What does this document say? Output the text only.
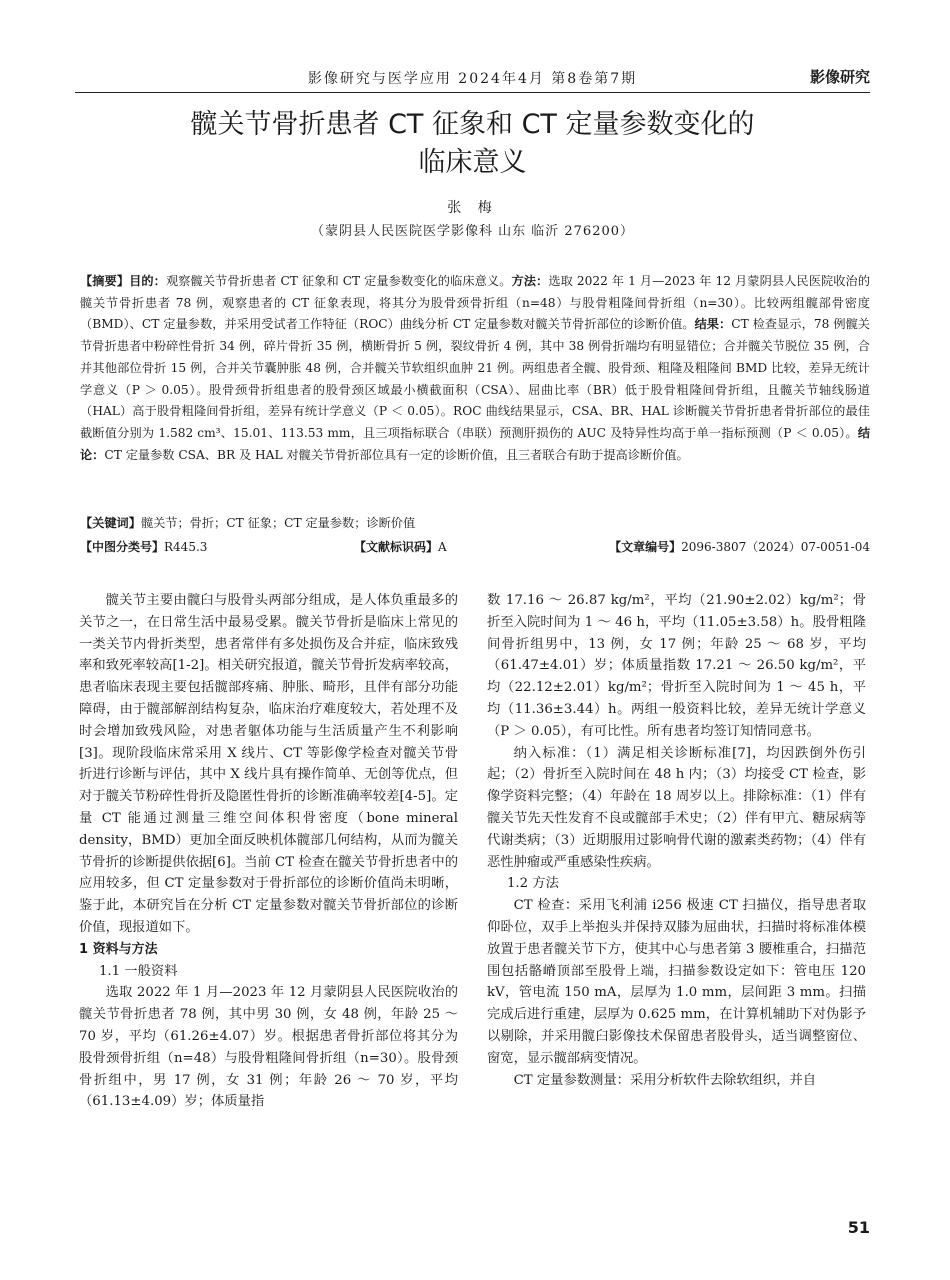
影像研究与医学应用 2024年4月 第8卷第7期	影像研究
髋关节骨折患者 CT 征象和 CT 定量参数变化的
临床意义
张 梅
（蒙阴县人民医院医学影像科 山东 临沂 276200）
【摘要】目的：观察髋关节骨折患者 CT 征象和 CT 定量参数变化的临床意义。方法：选取 2022 年 1 月—2023 年 12 月蒙阴县人民医院收治的髋关节骨折患者 78 例，观察患者的 CT 征象表现，将其分为股骨颈骨折组（n=48）与股骨粗隆间骨折组（n=30）。比较两组髋部骨密度（BMD）、CT 定量参数，并采用受试者工作特征（ROC）曲线分析 CT 定量参数对髋关节骨折部位的诊断价值。结果：CT 检查显示，78 例髋关节骨折患者中粉碎性骨折 34 例，碎片骨折 35 例，横断骨折 5 例，裂纹骨折 4 例，其中 38 例骨折端均有明显错位；合并髋关节脱位 35 例，合并其他部位骨折 15 例，合并关节囊肿胀 48 例，合并髋关节软组织血肿 21 例。两组患者全髋、股骨颈、粗隆及粗隆间 BMD 比较，差异无统计学意义（P ＞ 0.05）。股骨颈骨折组患者的股骨颈区域最小横截面积（CSA）、屈曲比率（BR）低于股骨粗隆间骨折组，且髋关节轴线肠道（HAL）高于股骨粗隆间骨折组，差异有统计学意义（P ＜ 0.05）。ROC 曲线结果显示，CSA、BR、HAL 诊断髋关节骨折患者骨折部位的最佳截断值分别为 1.582 cm³、15.01、113.53 mm，且三项指标联合（串联）预测肝损伤的 AUC 及特异性均高于单一指标预测（P ＜ 0.05）。结论：CT 定量参数 CSA、BR 及 HAL 对髋关节骨折部位具有一定的诊断价值，且三者联合有助于提高诊断价值。
【关键词】髋关节；骨折；CT 征象；CT 定量参数；诊断价值
【中图分类号】R445.3	【文献标识码】A	【文章编号】2096-3807（2024）07-0051-04

髋关节主要由髋臼与股骨头两部分组成，是人体负重最多的关节之一，在日常生活中最易受累。髋关节骨折是临床上常见的一类关节内骨折类型，患者常伴有多处损伤及合并症，临床致残率和致死率较高[1-2]。相关研究报道，髋关节骨折发病率较高，患者临床表现主要包括髋部疼痛、肿胀、畸形，且伴有部分功能障碍，由于髋部解剖结构复杂，临床治疗难度较大，若处理不及时会增加致残风险，对患者躯体功能与生活质量产生不利影响[3]。现阶段临床常采用 X 线片、CT 等影像学检查对髋关节骨折进行诊断与评估，其中 X 线片具有操作简单、无创等优点，但对于髋关节粉碎性骨折及隐匿性骨折的诊断准确率较差[4-5]。定量 CT 能通过测量三维空间体积骨密度（bone mineral density，BMD）更加全面反映机体髋部几何结构，从而为髋关节骨折的诊断提供依据[6]。当前 CT 检查在髋关节骨折患者中的应用较多，但 CT 定量参数对于骨折部位的诊断价值尚未明晰，鉴于此，本研究旨在分析 CT 定量参数对髋关节骨折部位的诊断价值，现报道如下。

1 资料与方法

1.1 一般资料

选取 2022 年 1 月—2023 年 12 月蒙阴县人民医院收治的髋关节骨折患者 78 例，其中男 30 例，女 48 例，年龄 25 ～ 70 岁，平均（61.26±4.07）岁。根据患者骨折部位将其分为股骨颈骨折组（n=48）与股骨粗隆间骨折组（n=30）。股骨颈骨折组中，男 17 例，女 31 例；年龄 26 ～ 70 岁，平均（61.13±4.09）岁；体质量指

数 17.16 ～ 26.87 kg/m²，平均（21.90±2.02）kg/m²；骨折至入院时间为 1 ～ 46 h，平均（11.05±3.58）h。股骨粗隆间骨折组男中，13 例，女 17 例；年龄 25 ～ 68 岁，平均（61.47±4.01）岁；体质量指数 17.21 ～ 26.50 kg/m²，平均（22.12±2.01）kg/m²；骨折至入院时间为 1 ～ 45 h，平均（11.36±3.44）h。两组一般资料比较，差异无统计学意义（P ＞ 0.05），有可比性。所有患者均签订知情同意书。

纳入标准：（1）满足相关诊断标准[7]，均因跌倒外伤引起；（2）骨折至入院时间在 48 h 内；（3）均接受 CT 检查，影像学资料完整；（4）年龄在 18 周岁以上。排除标准：（1）伴有髋关节先天性发育不良或髋部手术史；（2）伴有甲亢、糖尿病等代谢类病；（3）近期服用过影响骨代谢的激素类药物；（4）伴有恶性肿瘤或严重感染性疾病。

1.2 方法

CT 检查：采用飞利浦 i256 极速 CT 扫描仪，指导患者取仰卧位，双手上举抱头并保持双膝为屈曲状，扫描时将标准体模放置于患者髋关节下方，使其中心与患者第 3 腰椎重合，扫描范围包括骼嵴顶部至股骨上端，扫描参数设定如下：管电压 120 kV，管电流 150 mA，层厚为 1.0 mm，层间距 3 mm。扫描完成后进行重建，层厚为 0.625 mm，在计算机辅助下对伪影予以剔除，并采用髋臼影像技术保留患者股骨头，适当调整窗位、窗宽，显示髋部病变情况。

CT 定量参数测量：采用分析软件去除软组织，并自

51
